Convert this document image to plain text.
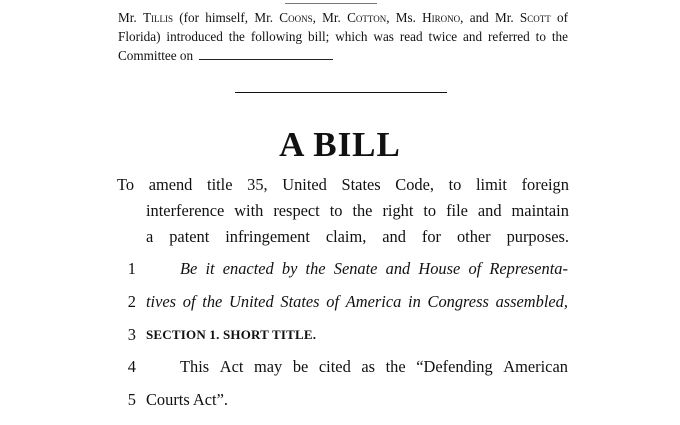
Mr. Tillis (for himself, Mr. Coons, Mr. Cotton, Ms. Hirono, and Mr. Scott of Florida) introduced the following bill; which was read twice and referred to the Committee on
A BILL
To amend title 35, United States Code, to limit foreign
interference with respect to the right to file and maintain
a patent infringement claim, and for other purposes.
1	Be it enacted by the Senate and House of Representa-
2 tives of the United States of America in Congress assembled,
3 SECTION 1. SHORT TITLE.
4	This Act may be cited as the “Defending American
5 Courts Act”.
